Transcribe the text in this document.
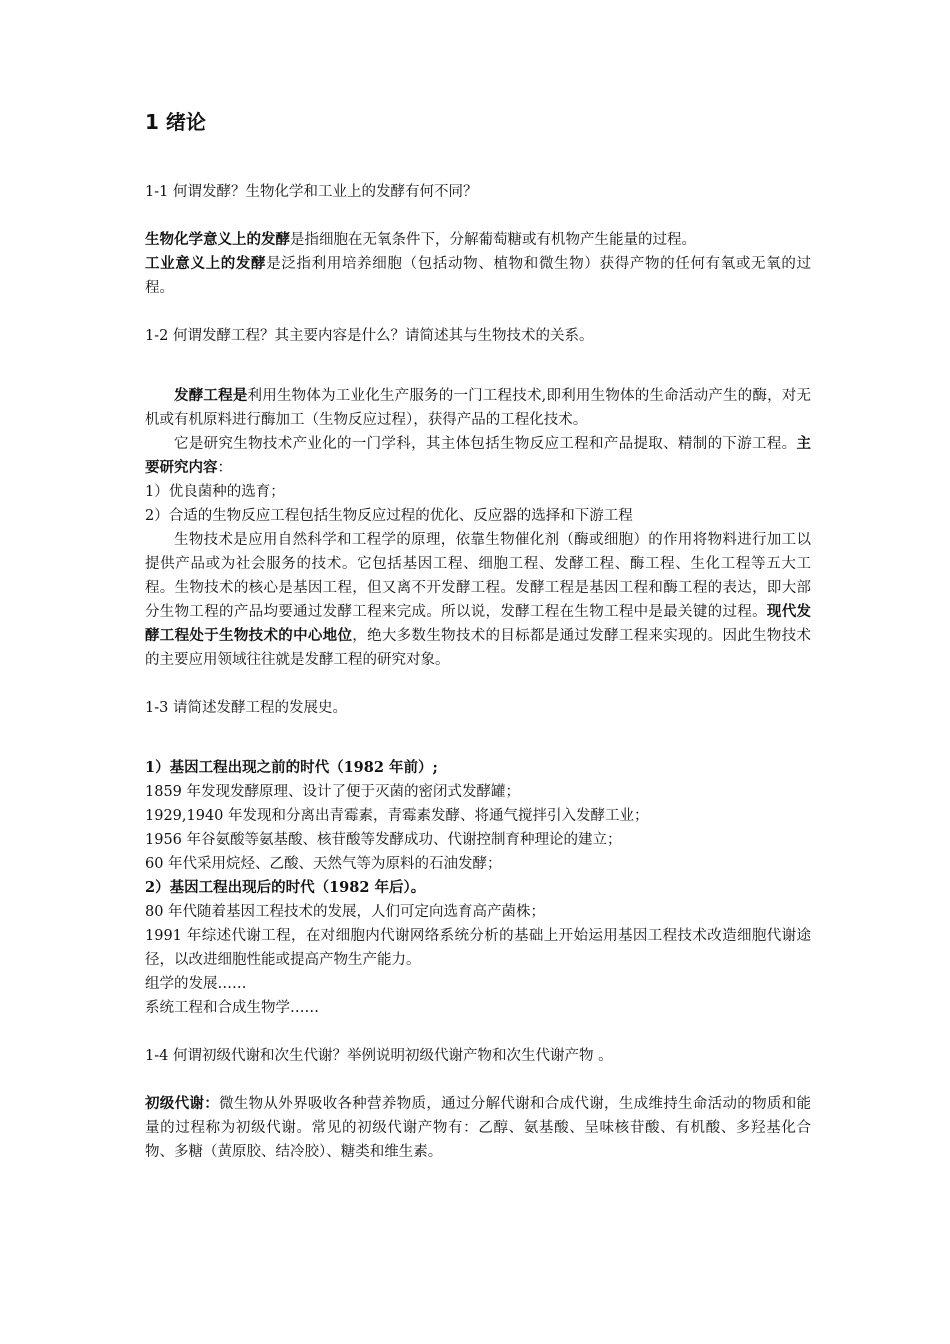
1 绪论

1-1 何谓发酵？生物化学和工业上的发酵有何不同？

生物化学意义上的发酵是指细胞在无氧条件下，分解葡萄糖或有机物产生能量的过程。

工业意义上的发酵是泛指利用培养细胞（包括动物、植物和微生物）获得产物的任何有氧或无氧的过程。

1-2 何谓发酵工程？其主要内容是什么？请简述其与生物技术的关系。

发酵工程是利用生物体为工业化生产服务的一门工程技术,即利用生物体的生命活动产生的酶，对无机或有机原料进行酶加工（生物反应过程），获得产品的工程化技术。

它是研究生物技术产业化的一门学科，其主体包括生物反应工程和产品提取、精制的下游工程。主要研究内容：

1）优良菌种的选育；

2）合适的生物反应工程包括生物反应过程的优化、反应器的选择和下游工程

生物技术是应用自然科学和工程学的原理，依靠生物催化剂（酶或细胞）的作用将物料进行加工以提供产品或为社会服务的技术。它包括基因工程、细胞工程、发酵工程、酶工程、生化工程等五大工程。生物技术的核心是基因工程，但又离不开发酵工程。发酵工程是基因工程和酶工程的表达，即大部分生物工程的产品均要通过发酵工程来完成。所以说，发酵工程在生物工程中是最关键的过程。现代发酵工程处于生物技术的中心地位，绝大多数生物技术的目标都是通过发酵工程来实现的。因此生物技术的主要应用领域往往就是发酵工程的研究对象。

1-3 请简述发酵工程的发展史。

1）基因工程出现之前的时代（1982 年前）;

1859 年发现发酵原理、设计了便于灭菌的密闭式发酵罐；

1929,1940 年发现和分离出青霉素，青霉素发酵、将通气搅拌引入发酵工业；

1956 年谷氨酸等氨基酸、核苷酸等发酵成功、代谢控制育种理论的建立；

60 年代采用烷烃、乙酸、天然气等为原料的石油发酵；

2）基因工程出现后的时代（1982 年后）。

80 年代随着基因工程技术的发展，人们可定向选育高产菌株；

1991 年综述代谢工程，在对细胞内代谢网络系统分析的基础上开始运用基因工程技术改造细胞代谢途径，以改进细胞性能或提高产物生产能力。

组学的发展……

系统工程和合成生物学……

1-4 何谓初级代谢和次生代谢？举例说明初级代谢产物和次生代谢产物 。

初级代谢：微生物从外界吸收各种营养物质，通过分解代谢和合成代谢，生成维持生命活动的物质和能量的过程称为初级代谢。常见的初级代谢产物有：乙醇、氨基酸、呈味核苷酸、有机酸、多羟基化合物、多糖（黄原胶、结冷胶）、糖类和维生素。
